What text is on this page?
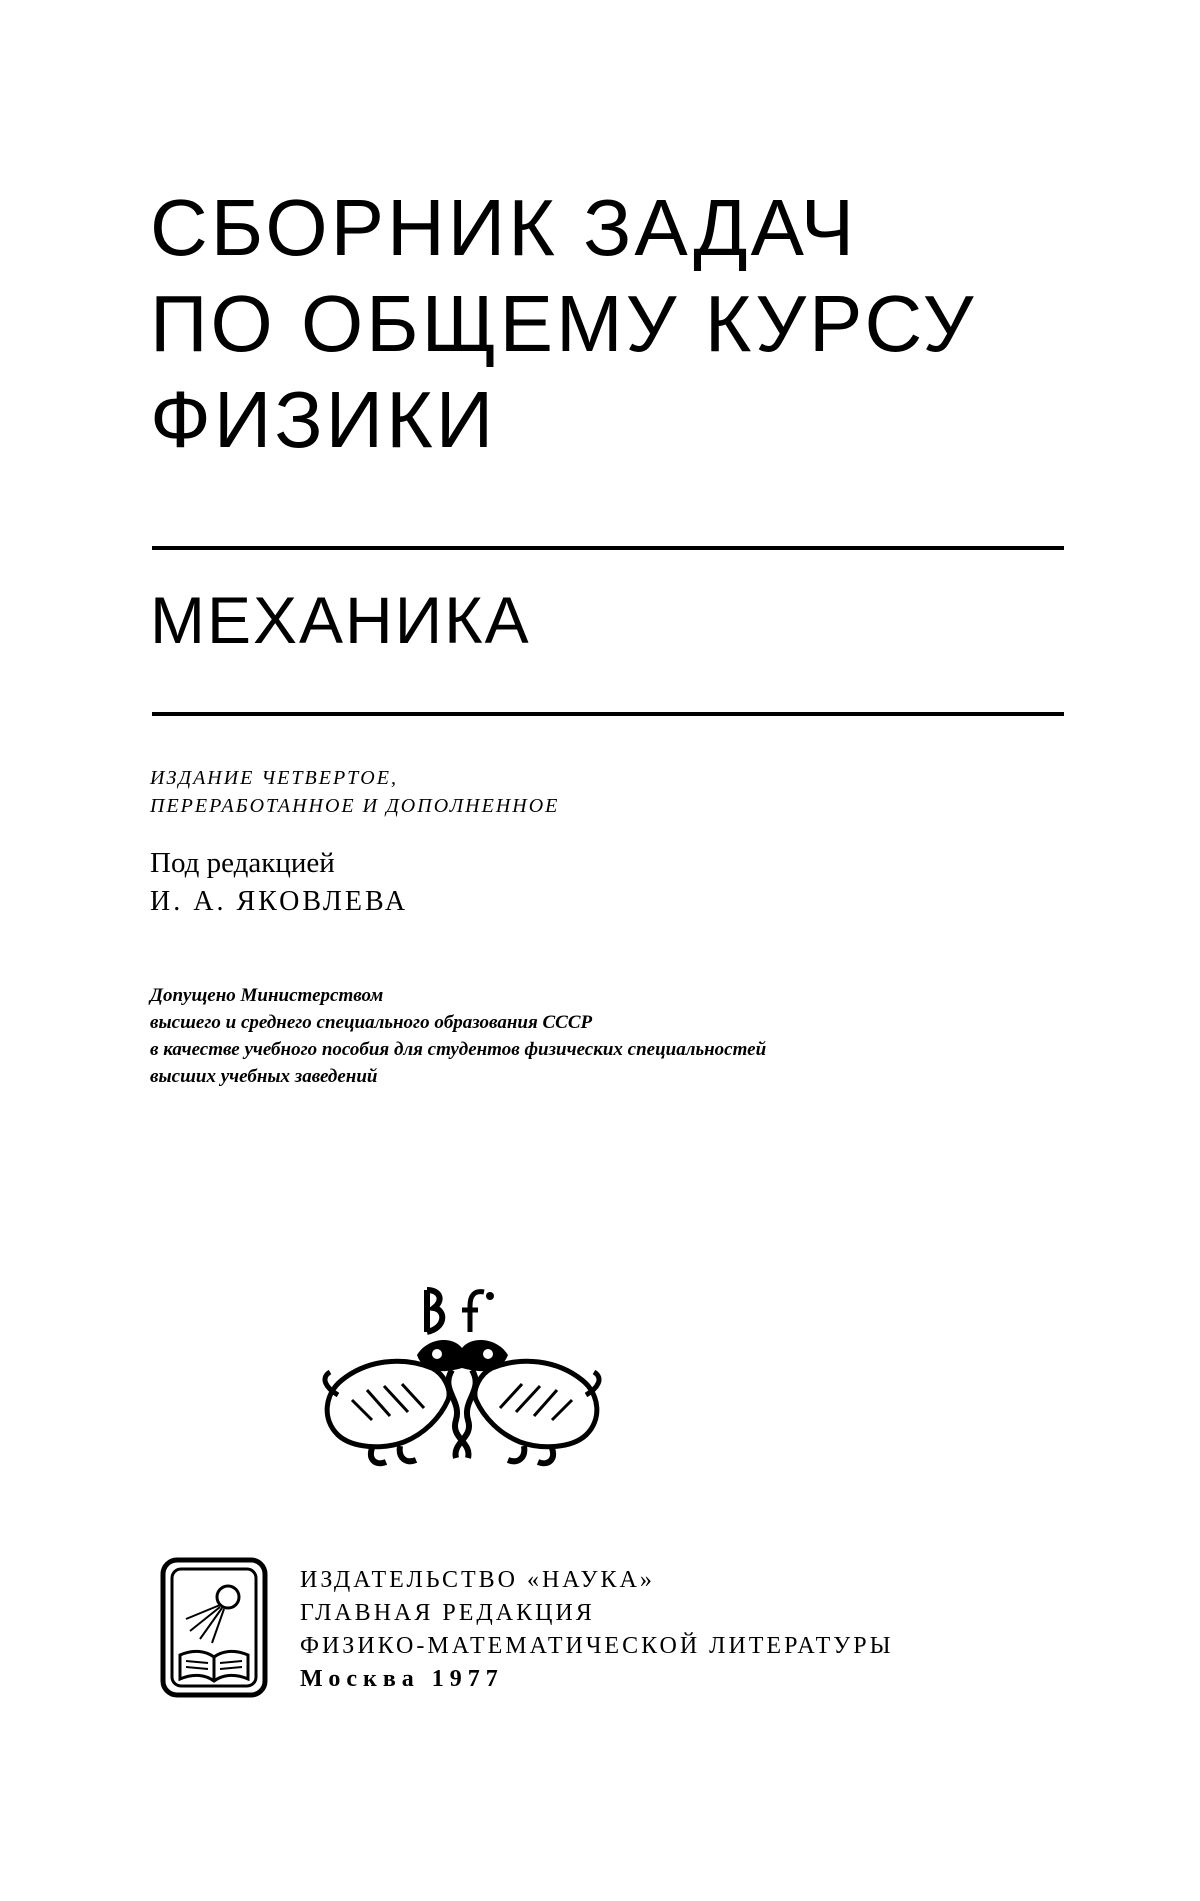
СБОРНИК ЗАДАЧ
ПО ОБЩЕМУ КУРСУ
ФИЗИКИ
МЕХАНИКА
ИЗДАНИЕ ЧЕТВЕРТОЕ,
ПЕРЕРАБОТАННОЕ И ДОПОЛНЕННОЕ
Под редакцией
И. А. ЯКОВЛЕВА
Допущено Министерством
высшего и среднего специального образования СССР
в качестве учебного пособия для студентов физических специальностей
высших учебных заведений
ИЗДАТЕЛЬСТВО «НАУКА»
ГЛАВНАЯ РЕДАКЦИЯ
ФИЗИКО-МАТЕМАТИЧЕСКОЙ ЛИТЕРАТУРЫ
Москва 1977
